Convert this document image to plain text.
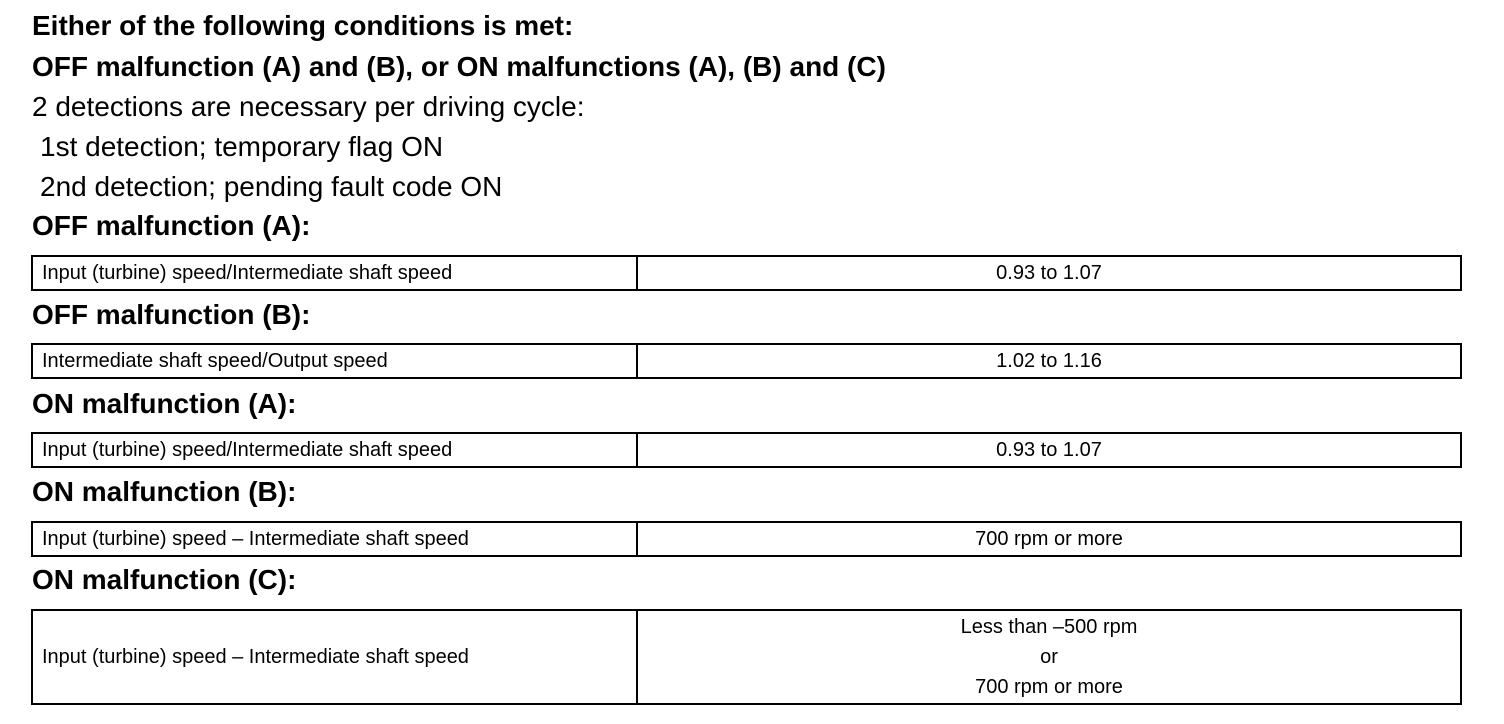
Either of the following conditions is met:
OFF malfunction (A) and (B), or ON malfunctions (A), (B) and (C)
2 detections are necessary per driving cycle:
1st detection; temporary flag ON
2nd detection; pending fault code ON
OFF malfunction (A):
Input (turbine) speed/Intermediate shaft speed	0.93 to 1.07
OFF malfunction (B):
Intermediate shaft speed/Output speed	1.02 to 1.16
ON malfunction (A):
Input (turbine) speed/Intermediate shaft speed	0.93 to 1.07
ON malfunction (B):
Input (turbine) speed – Intermediate shaft speed	700 rpm or more
ON malfunction (C):
Input (turbine) speed – Intermediate shaft speed	
Less than –500 rpm
or
700 rpm or more
